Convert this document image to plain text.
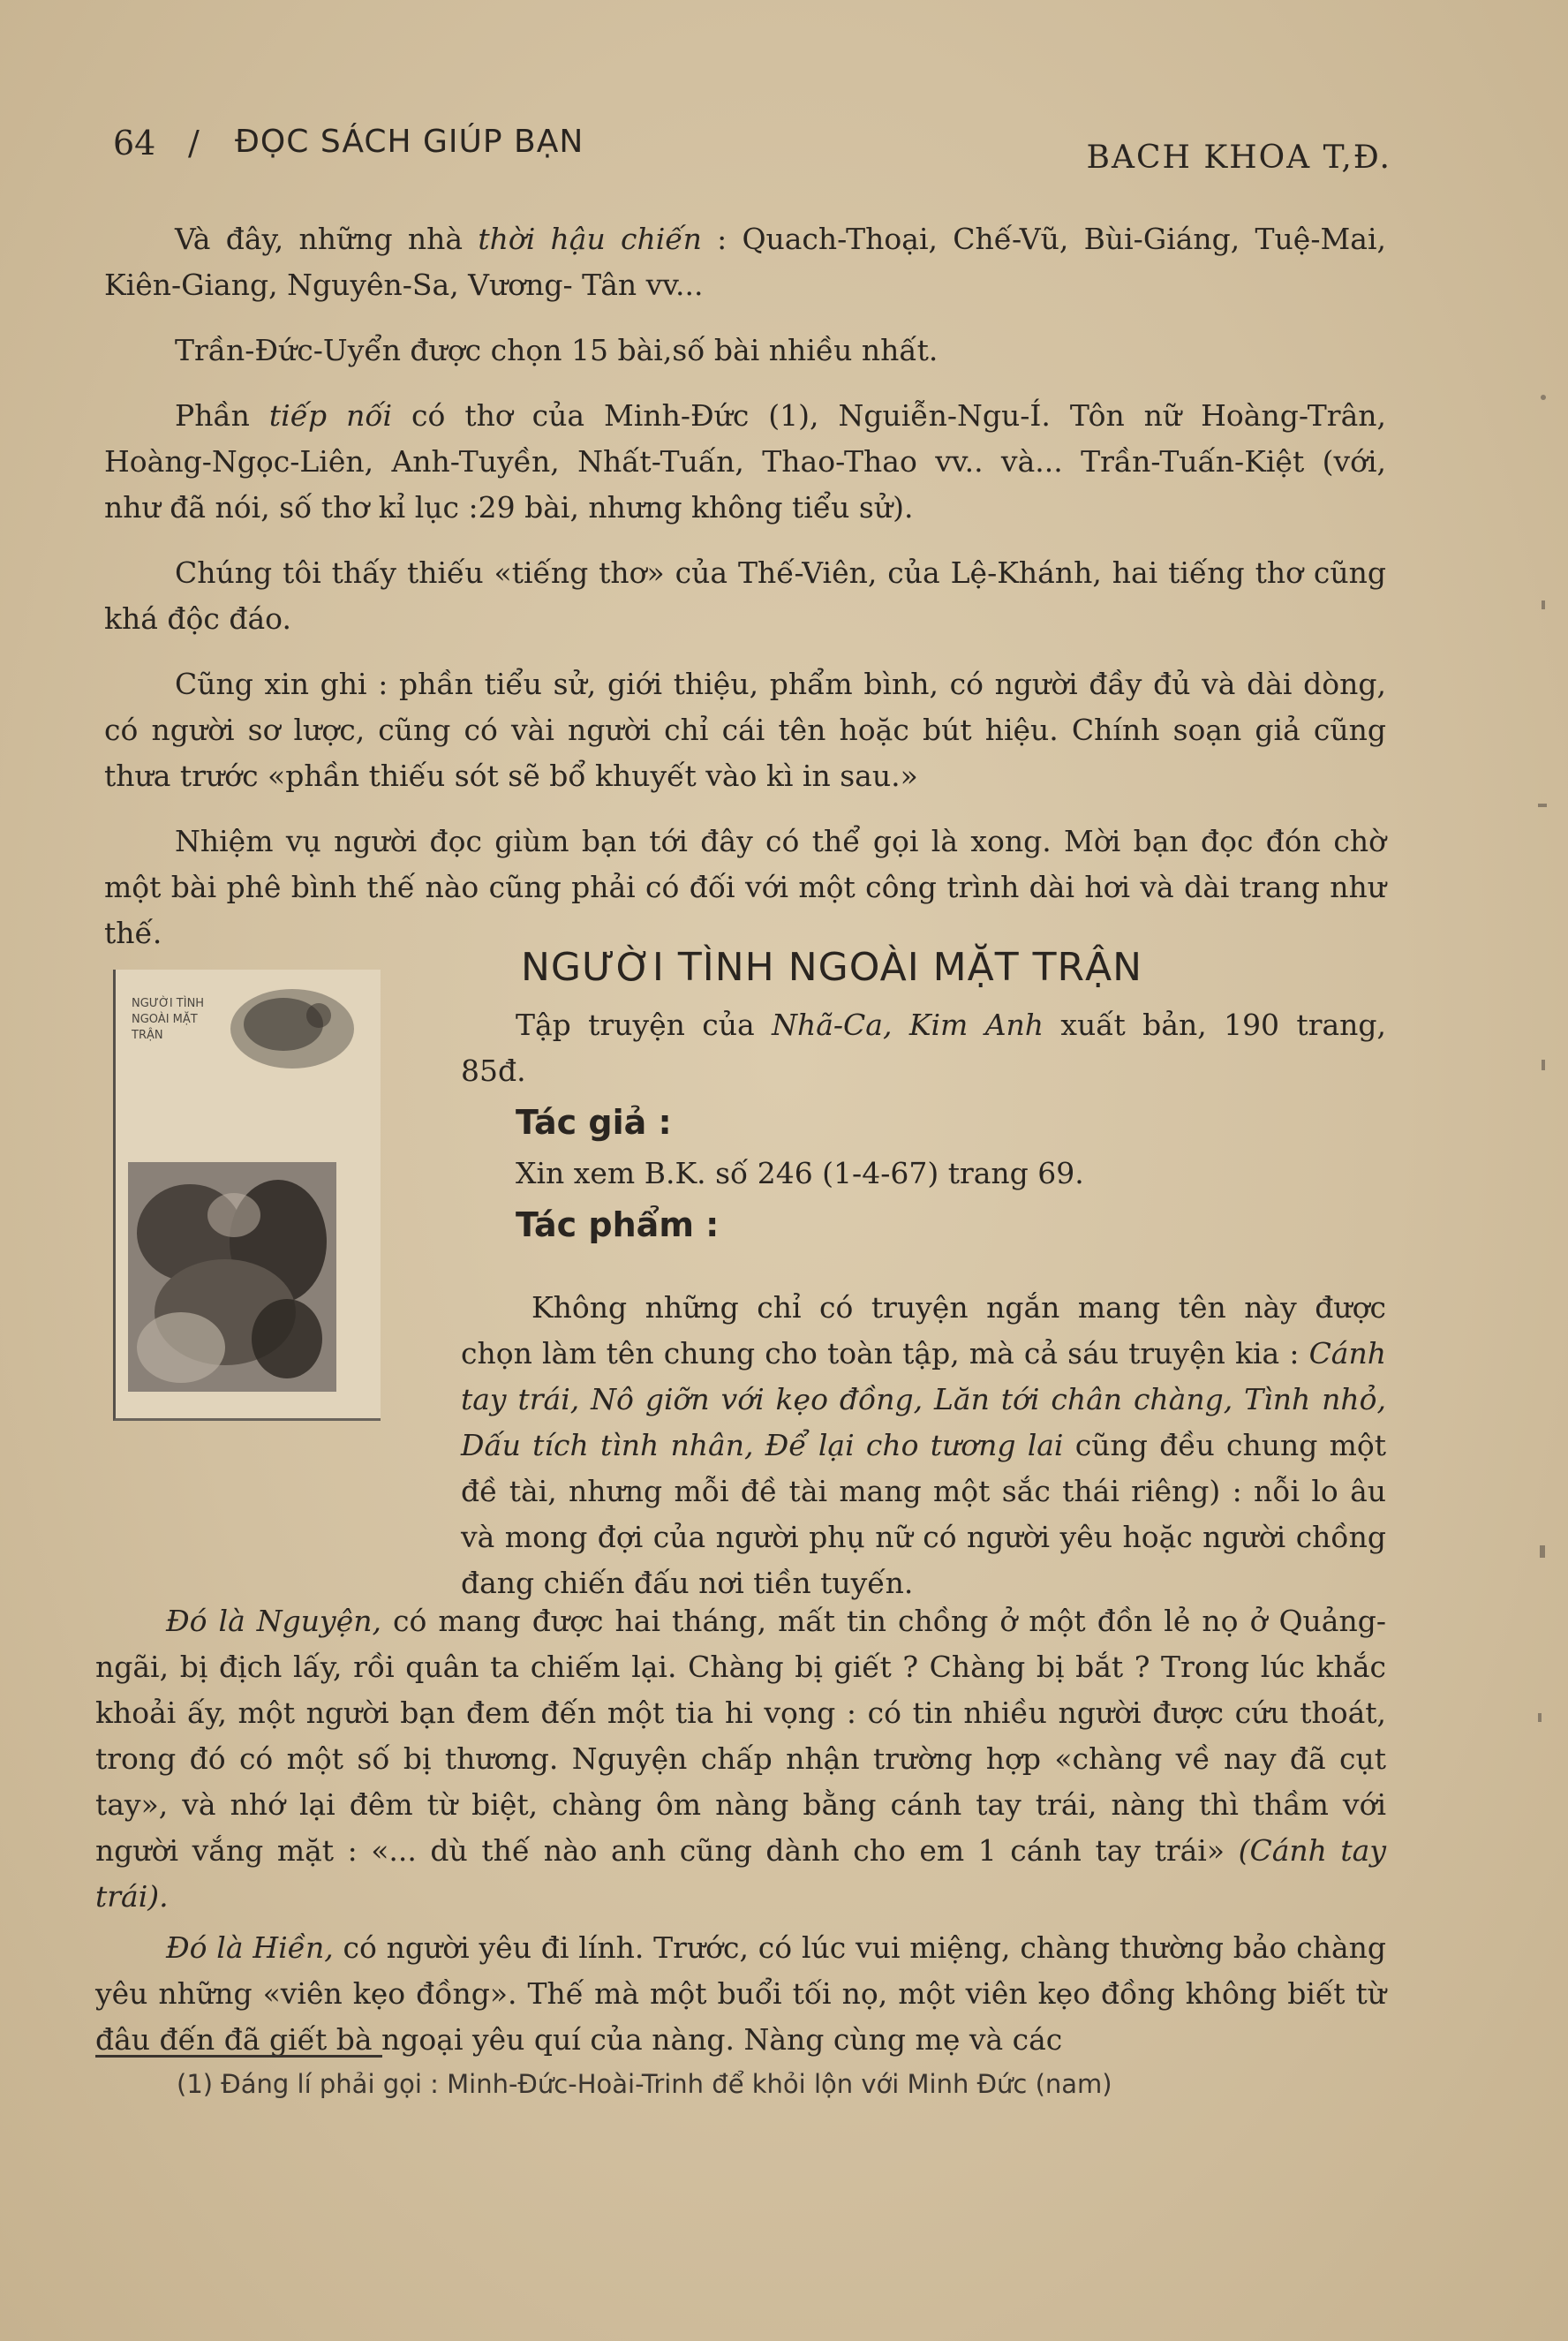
64 / ĐỌC SÁCH GIÚP BẠN	BACH KHOA T,Đ.

Và đây, những nhà thời hậu chiến : Quach-Thoại, Chế-Vũ, Bùi-Giáng, Tuệ-Mai, Kiên-Giang, Nguyên-Sa, Vương- Tân vv...

Trần-Đức-Uyển được chọn 15 bài,số bài nhiều nhất.

Phần tiếp nối có thơ của Minh-Đức (1), Nguiễn-Ngu-Í. Tôn nữ Hoàng-Trân, Hoàng-Ngọc-Liên, Anh-Tuyền, Nhất-Tuấn, Thao-Thao vv.. và... Trần-Tuấn-Kiệt (với, như đã nói, số thơ kỉ lục :29 bài, nhưng không tiểu sử).

Chúng tôi thấy thiếu «tiếng thơ» của Thế-Viên, của Lệ-Khánh, hai tiếng thơ cũng khá độc đáo.

Cũng xin ghi : phần tiểu sử, giới thiệu, phẩm bình, có người đầy đủ và dài dòng, có người sơ lược, cũng có vài người chỉ cái tên hoặc bút hiệu. Chính soạn giả cũng thưa trước «phần thiếu sót sẽ bổ khuyết vào kì in sau.»

Nhiệm vụ người đọc giùm bạn tới đây có thể gọi là xong. Mời bạn đọc đón chờ một bài phê bình thế nào cũng phải có đối với một công trình dài hơi và dài trang như thế.

NGƯỜI TÌNH NGOÀI MẶT TRẬN
NGƯỜI TÌNH NGOÀI MẶT TRẬN	Tập truyện của Nhã-Ca, Kim Anh xuất bản, 190 trang, 85đ.

Tác giả :

Xin xem B.K. số 246 (1-4-67) trang 69.

Tác phẩm :

Không những chỉ có truyện ngắn mang tên này được chọn làm tên chung cho toàn tập, mà cả sáu truyện kia : Cánh tay trái, Nô giỡn với kẹo đồng, Lăn tới chân chàng, Tình nhỏ, Dấu tích tình nhân, Để lại cho tương lai cũng đều chung một đề tài, nhưng mỗi đề tài mang một sắc thái riêng) : nỗi lo âu và mong đợi của người phụ nữ có người yêu hoặc người chồng đang chiến đấu nơi tiền tuyến.

Đó là Nguyện, có mang được hai tháng, mất tin chồng ở một đồn lẻ nọ ở Quảng-ngãi, bị địch lấy, rồi quân ta chiếm lại. Chàng bị giết ? Chàng bị bắt ? Trong lúc khắc khoải ấy, một người bạn đem đến một tia hi vọng : có tin nhiều người được cứu thoát, trong đó có một số bị thương. Nguyện chấp nhận trường hợp «chàng về nay đã cụt tay», và nhớ lại đêm từ biệt, chàng ôm nàng bằng cánh tay trái, nàng thì thầm với người vắng mặt : «... dù thế nào anh cũng dành cho em 1 cánh tay trái» (Cánh tay trái).

Đó là Hiền, có người yêu đi lính. Trước, có lúc vui miệng, chàng thường bảo chàng yêu những «viên kẹo đồng». Thế mà một buổi tối nọ, một viên kẹo đồng không biết từ đâu đến đã giết bà ngoại yêu quí của nàng. Nàng cùng mẹ và các

(1) Đáng lí phải gọi : Minh-Đức-Hoài-Trinh để khỏi lộn với Minh Đức (nam)
